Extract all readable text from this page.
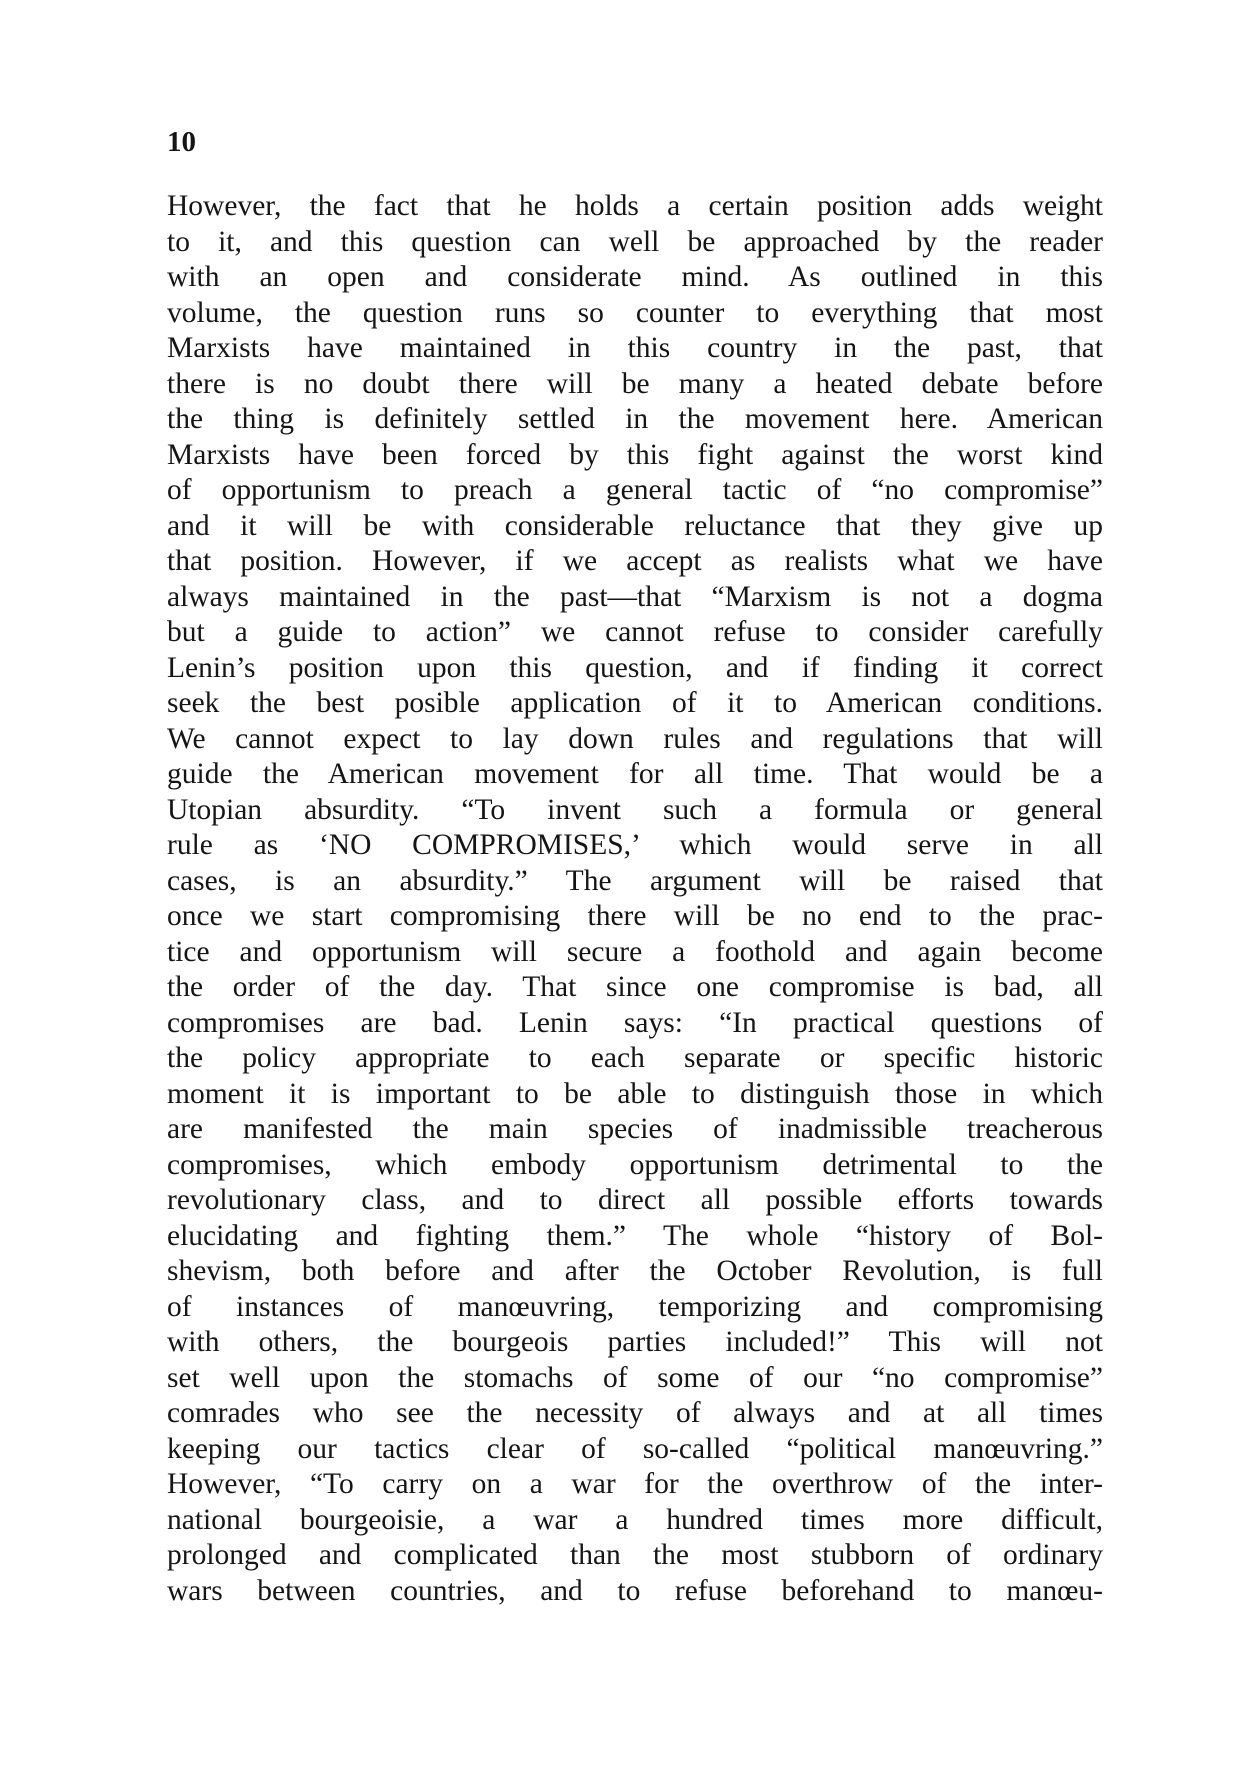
10
However, the fact that he holds a certain position adds weight
to it, and this question can well be approached by the reader
with an open and considerate mind. As outlined in this
volume, the question runs so counter to everything that most
Marxists have maintained in this country in the past, that
there is no doubt there will be many a heated debate before
the thing is definitely settled in the movement here. American
Marxists have been forced by this fight against the worst kind
of opportunism to preach a general tactic of “no compromise”
and it will be with considerable reluctance that they give up
that position. However, if we accept as realists what we have
always maintained in the past—that “Marxism is not a dogma
but a guide to action” we cannot refuse to consider carefully
Lenin’s position upon this question, and if finding it correct
seek the best posible application of it to American conditions.
We cannot expect to lay down rules and regulations that will
guide the American movement for all time. That would be a
Utopian absurdity. “To invent such a formula or general
rule as ‘NO COMPROMISES,’ which would serve in all
cases, is an absurdity.” The argument will be raised that
once we start compromising there will be no end to the prac-
tice and opportunism will secure a foothold and again become
the order of the day. That since one compromise is bad, all
compromises are bad. Lenin says: “In practical questions of
the policy appropriate to each separate or specific historic
moment it is important to be able to distinguish those in which
are manifested the main species of inadmissible treacherous
compromises, which embody opportunism detrimental to the
revolutionary class, and to direct all possible efforts towards
elucidating and fighting them.” The whole “history of Bol-
shevism, both before and after the October Revolution, is full
of instances of manœuvring, temporizing and compromising
with others, the bourgeois parties included!” This will not
set well upon the stomachs of some of our “no compromise”
comrades who see the necessity of always and at all times
keeping our tactics clear of so-called “political manœuvring.”
However, “To carry on a war for the overthrow of the inter-
national bourgeoisie, a war a hundred times more difficult,
prolonged and complicated than the most stubborn of ordinary
wars between countries, and to refuse beforehand to manœu-
